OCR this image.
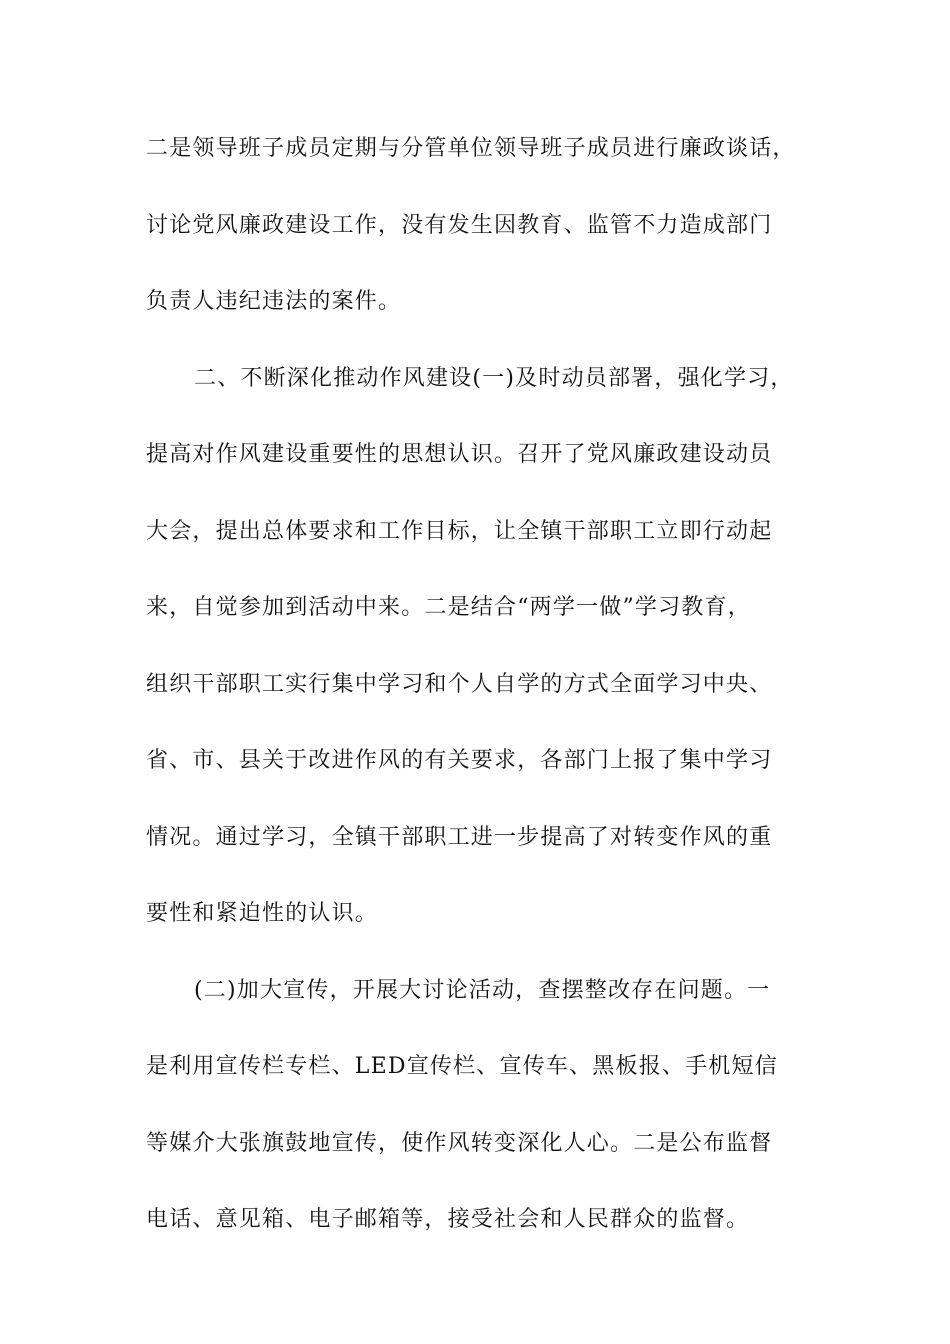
二是领导班子成员定期与分管单位领导班子成员进行廉政谈话，
讨论党风廉政建设工作，没有发生因教育、监管不力造成部门
负责人违纪违法的案件。
二、不断深化推动作风建设(一)及时动员部署，强化学习，
提高对作风建设重要性的思想认识。召开了党风廉政建设动员
大会，提出总体要求和工作目标，让全镇干部职工立即行动起
来，自觉参加到活动中来。二是结合“两学一做”学习教育，
组织干部职工实行集中学习和个人自学的方式全面学习中央、
省、市、县关于改进作风的有关要求，各部门上报了集中学习
情况。通过学习，全镇干部职工进一步提高了对转变作风的重
要性和紧迫性的认识。
(二)加大宣传，开展大讨论活动，查摆整改存在问题。一
是利用宣传栏专栏、LED宣传栏、宣传车、黑板报、手机短信
等媒介大张旗鼓地宣传，使作风转变深化人心。二是公布监督
电话、意见箱、电子邮箱等，接受社会和人民群众的监督。
